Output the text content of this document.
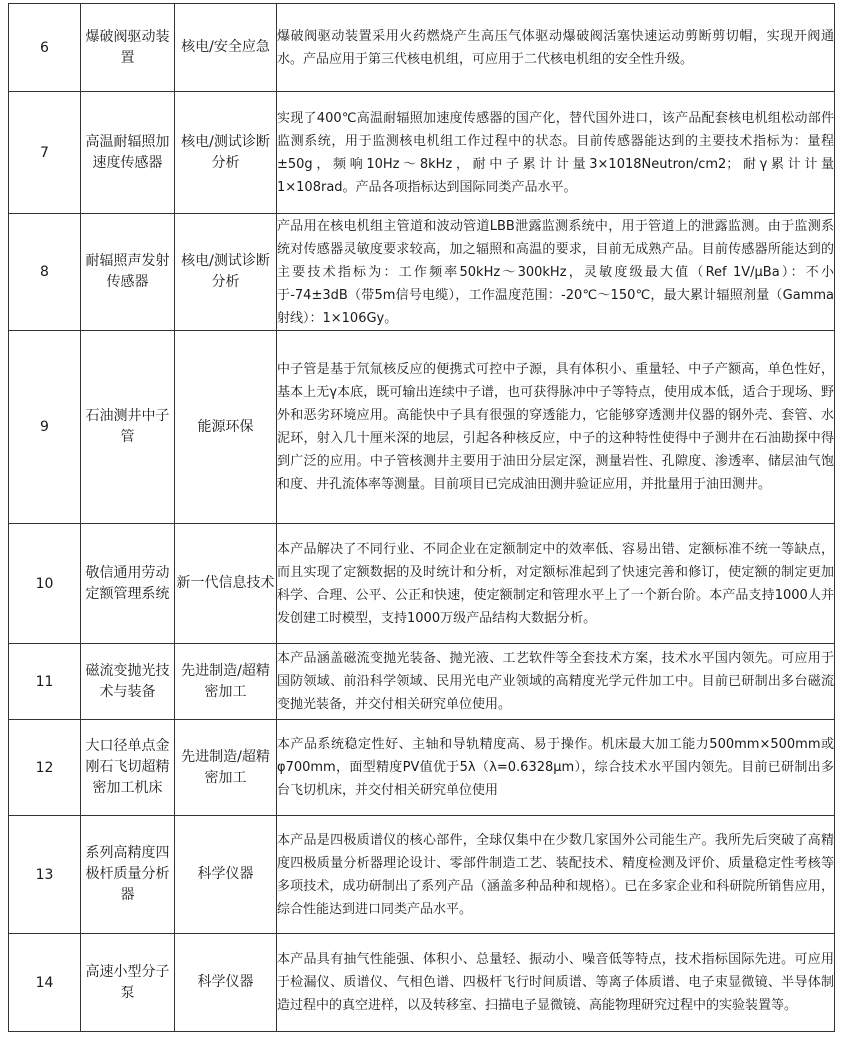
6	爆破阀驱动装置	核电/安全应急	爆破阀驱动装置采用火药燃烧产生高压气体驱动爆破阀活塞快速运动剪断剪切帽，实现开阀通水。产品应用于第三代核电机组，可应用于二代核电机组的安全性升级。
7	高温耐辐照加速度传感器	核电/测试诊断分析	实现了400℃高温耐辐照加速度传感器的国产化，替代国外进口，该产品配套核电机组松动部件监测系统，用于监测核电机组工作过程中的状态。目前传感器能达到的主要技术指标为：量程±50g，频响10Hz～8kHz，耐中子累计计量3×1018Neutron/cm2；耐γ累计计量 1×108rad。产品各项指标达到国际同类产品水平。
8	耐辐照声发射传感器	核电/测试诊断分析	产品用在核电机组主管道和波动管道LBB泄露监测系统中，用于管道上的泄露监测。由于监测系统对传感器灵敏度要求较高，加之辐照和高温的要求，目前无成熟产品。目前传感器所能达到的主要技术指标为：工作频率50kHz～300kHz，灵敏度级最大值（Ref 1V/μBa）：不小于-74±3dB（带5m信号电缆），工作温度范围：-20℃～150℃，最大累计辐照剂量（Gamma射线）：1×106Gy。
9	石油测井中子管	能源环保	中子管是基于氘氚核反应的便携式可控中子源，具有体积小、重量轻、中子产额高，单色性好，基本上无γ本底，既可输出连续中子谱，也可获得脉冲中子等特点，使用成本低，适合于现场、野外和恶劣环境应用。高能快中子具有很强的穿透能力，它能够穿透测井仪器的钢外壳、套管、水泥环，射入几十厘米深的地层，引起各种核反应，中子的这种特性使得中子测井在石油勘探中得到广泛的应用。中子管核测井主要用于油田分层定深，测量岩性、孔隙度、渗透率、储层油气饱和度、井孔流体率等测量。目前项目已完成油田测井验证应用，并批量用于油田测井。
10	敬信通用劳动定额管理系统	新一代信息技术	本产品解决了不同行业、不同企业在定额制定中的效率低、容易出错、定额标准不统一等缺点，而且实现了定额数据的及时统计和分析，对定额标准起到了快速完善和修订，使定额的制定更加科学、合理、公平、公正和快速，使定额制定和管理水平上了一个新台阶。本产品支持1000人并发创建工时模型，支持1000万级产品结构大数据分析。
11	磁流变抛光技术与装备	先进制造/超精密加工	本产品涵盖磁流变抛光装备、抛光液、工艺软件等全套技术方案，技术水平国内领先。可应用于国防领域、前沿科学领域、民用光电产业领域的高精度光学元件加工中。目前已研制出多台磁流变抛光装备，并交付相关研究单位使用。
12	大口径单点金刚石飞切超精密加工机床	先进制造/超精密加工	本产品系统稳定性好、主轴和导轨精度高、易于操作。机床最大加工能力500mm×500mm或φ700mm，面型精度PV值优于5λ（λ=0.6328μm），综合技术水平国内领先。目前已研制出多台飞切机床，并交付相关研究单位使用
13	系列高精度四极杆质量分析器	科学仪器	本产品是四极质谱仪的核心部件，全球仅集中在少数几家国外公司能生产。我所先后突破了高精度四极质量分析器理论设计、零部件制造工艺、装配技术、精度检测及评价、质量稳定性考核等多项技术，成功研制出了系列产品（涵盖多种品种和规格）。已在多家企业和科研院所销售应用，综合性能达到进口同类产品水平。
14	高速小型分子泵	科学仪器	本产品具有抽气性能强、体积小、总量轻、振动小、噪音低等特点，技术指标国际先进。可应用于检漏仪、质谱仪、气相色谱、四极杆飞行时间质谱、等离子体质谱、电子束显微镜、半导体制造过程中的真空进样，以及转移室、扫描电子显微镜、高能物理研究过程中的实验装置等。
